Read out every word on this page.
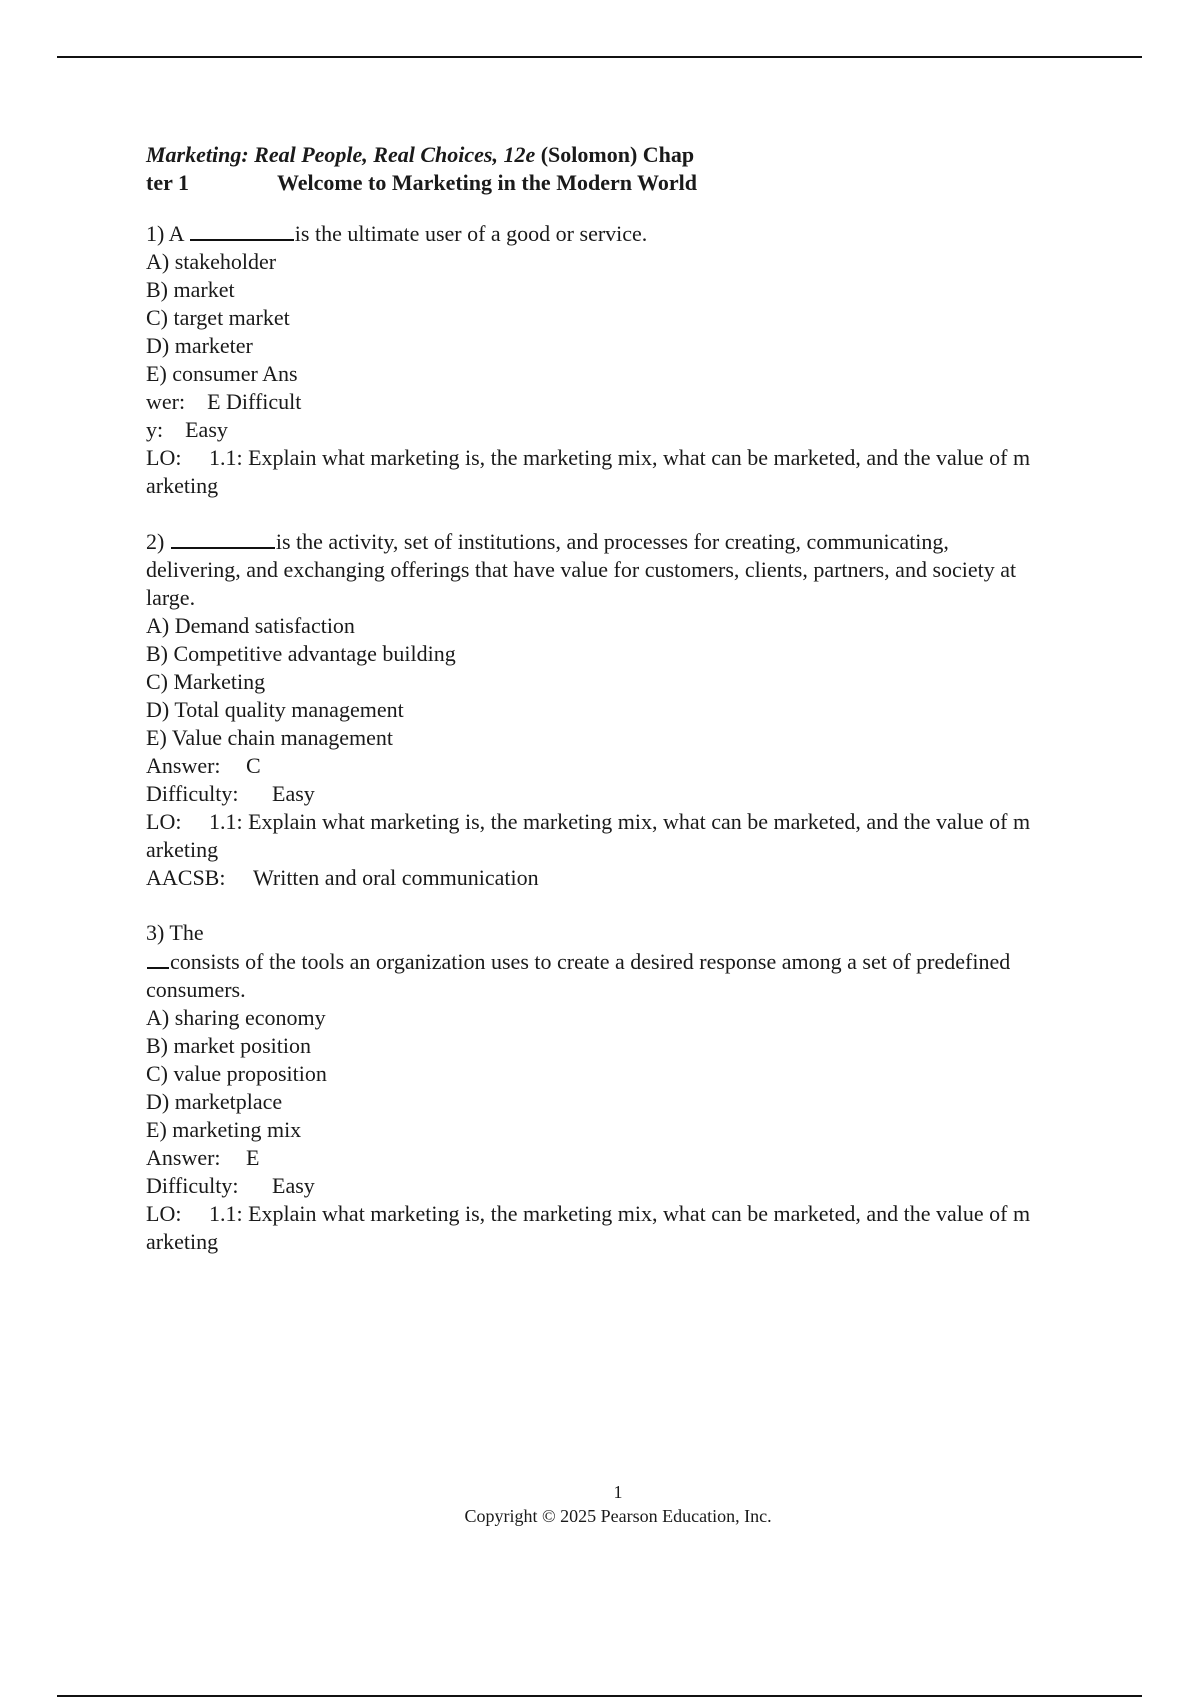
Marketing: Real People, Real Choices, 12e (Solomon) Chap
ter 1	Welcome to Marketing in the Modern World
1) A	is the ultimate user of a good or service.
A) stakeholder
B) market
C) target market
D) marketer
E) consumer Ans
wer:    E Difficult
y:    Easy
LO: 1.1: Explain what marketing is, the marketing mix, what can be marketed, and the value of m
arketing
2)	is the activity, set of institutions, and processes for creating, communicating,
delivering, and exchanging offerings that have value for customers, clients, partners, and society at
large.
A) Demand satisfaction
B) Competitive advantage building
C) Marketing
D) Total quality management
E) Value chain management
Answer: C
Difficulty: Easy
LO: 1.1: Explain what marketing is, the marketing mix, what can be marketed, and the value of m
arketing
AACSB: Written and oral communication
3) The
consists of the tools an organization uses to create a desired response among a set of predefined
consumers.
A) sharing economy
B) market position
C) value proposition
D) marketplace
E) marketing mix
Answer: E
Difficulty: Easy
LO: 1.1: Explain what marketing is, the marketing mix, what can be marketed, and the value of m
arketing
1
Copyright © 2025 Pearson Education, Inc.
